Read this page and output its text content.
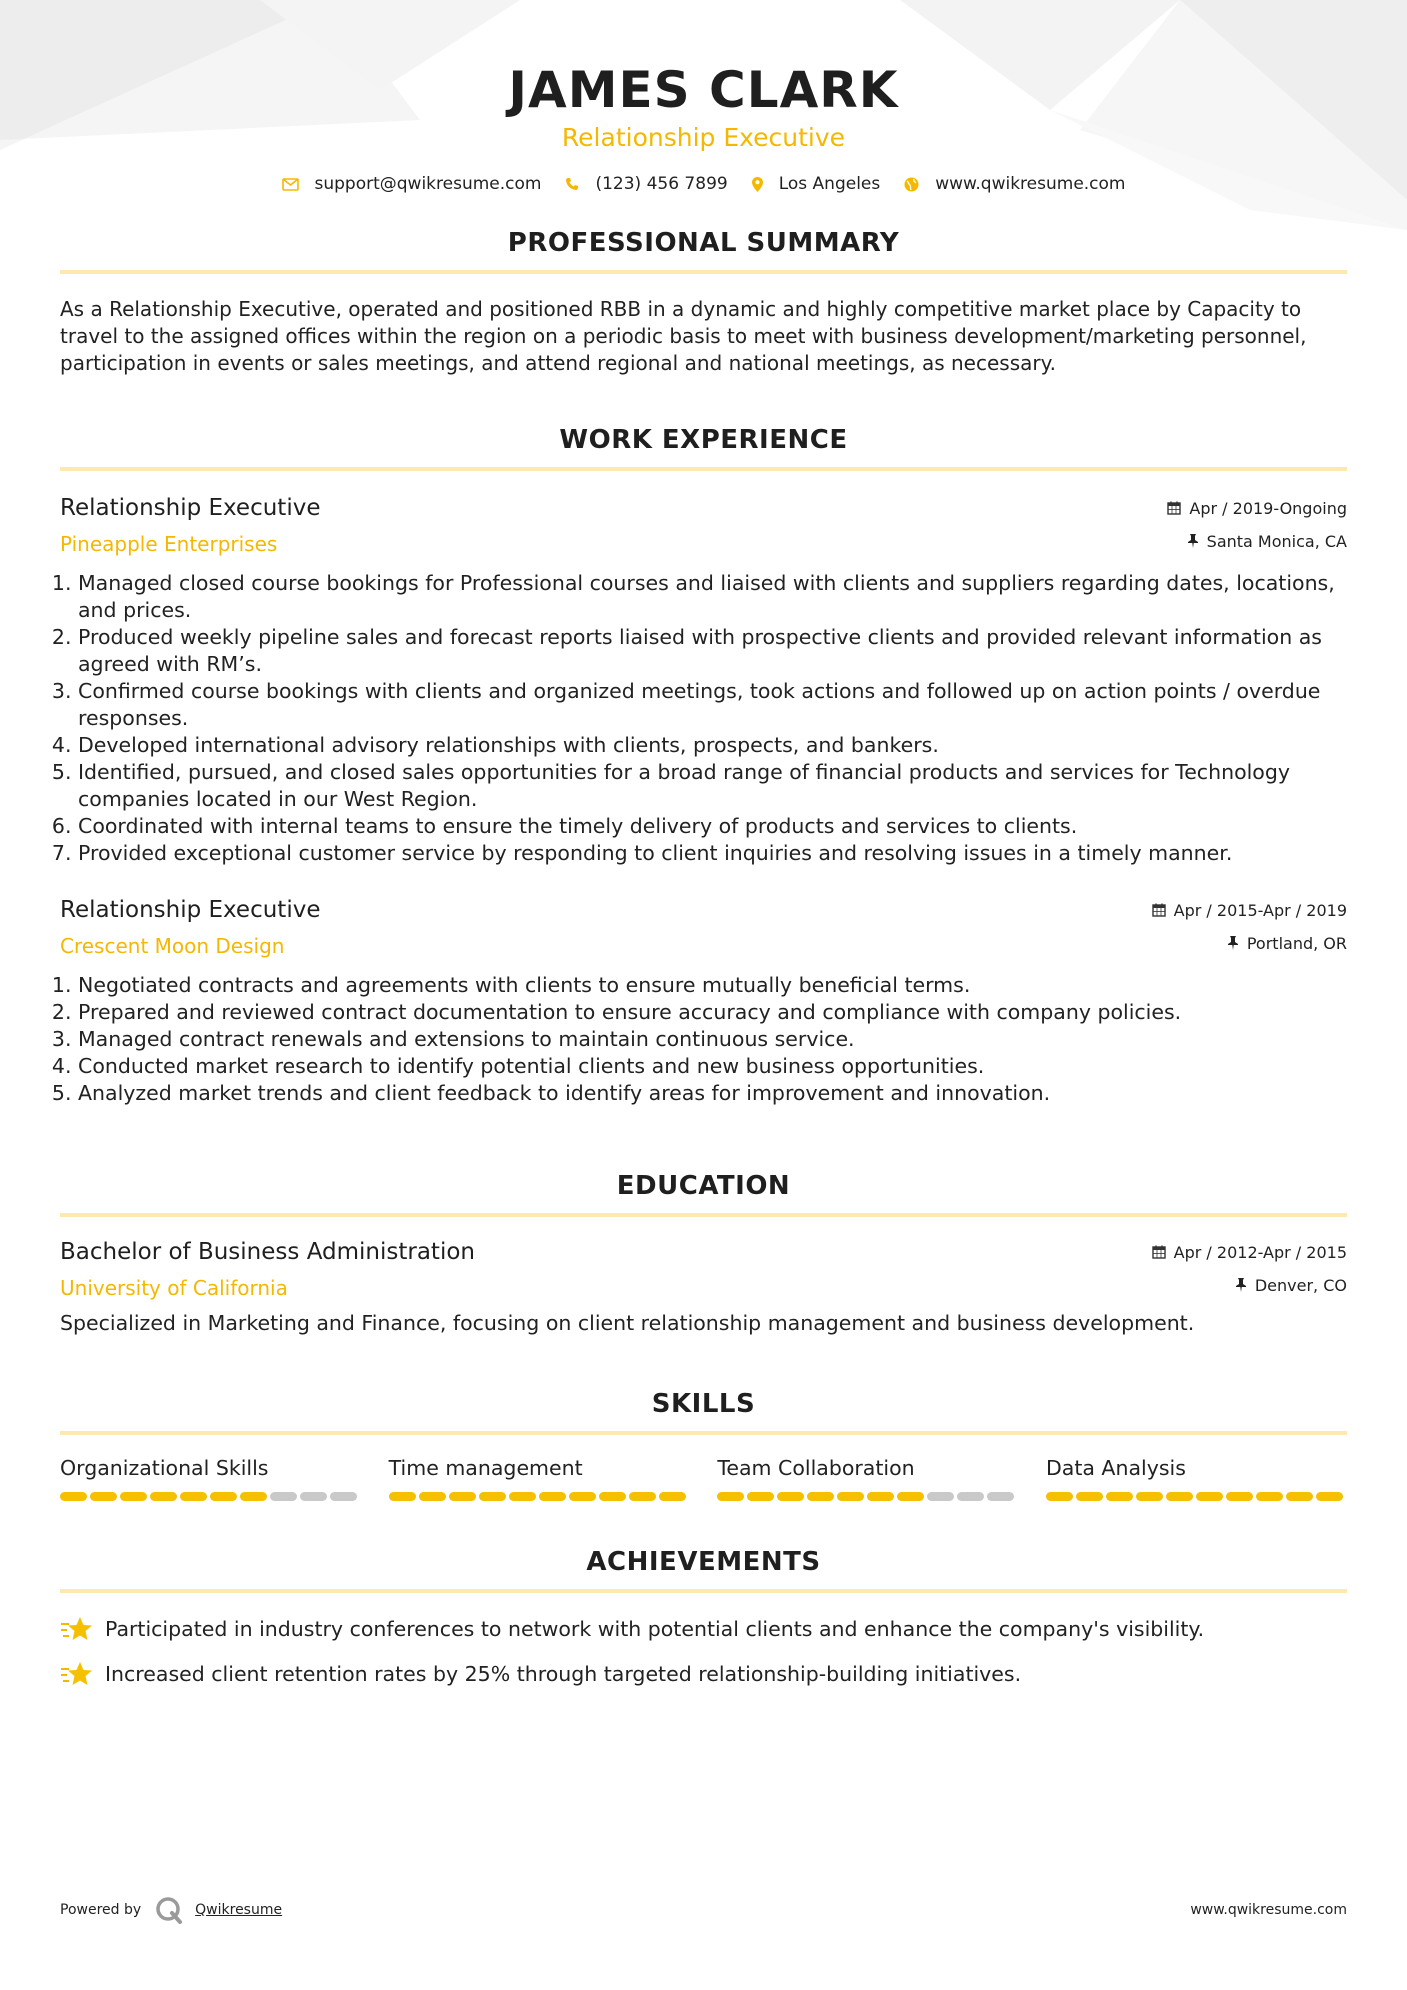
JAMES CLARK
Relationship Executive
support@qwikresume.com	(123) 456 7899	Los Angeles	www.qwikresume.com
PROFESSIONAL SUMMARY

As a Relationship Executive, operated and positioned RBB in a dynamic and highly competitive market place by Capacity to travel to the assigned offices within the region on a periodic basis to meet with business development/marketing personnel, participation in events or sales meetings, and attend regional and national meetings, as necessary.

WORK EXPERIENCE
Relationship Executive
Pineapple Enterprises
Apr / 2019-Ongoing
Santa Monica, CA
1. Managed closed course bookings for Professional courses and liaised with clients and suppliers regarding dates, locations, and prices.
2. Produced weekly pipeline sales and forecast reports liaised with prospective clients and provided relevant information as agreed with RM’s.
3. Confirmed course bookings with clients and organized meetings, took actions and followed up on action points / overdue responses.
4. Developed international advisory relationships with clients, prospects, and bankers.
5. Identified, pursued, and closed sales opportunities for a broad range of financial products and services for Technology companies located in our West Region.
6. Coordinated with internal teams to ensure the timely delivery of products and services to clients.
7. Provided exceptional customer service by responding to client inquiries and resolving issues in a timely manner.
Relationship Executive
Crescent Moon Design
Apr / 2015-Apr / 2019
Portland, OR
1. Negotiated contracts and agreements with clients to ensure mutually beneficial terms.
2. Prepared and reviewed contract documentation to ensure accuracy and compliance with company policies.
3. Managed contract renewals and extensions to maintain continuous service.
4. Conducted market research to identify potential clients and new business opportunities.
5. Analyzed market trends and client feedback to identify areas for improvement and innovation.
EDUCATION
Bachelor of Business Administration
University of California
Apr / 2012-Apr / 2015
Denver, CO

Specialized in Marketing and Finance, focusing on client relationship management and business development.

SKILLS
Organizational Skills	Time management	Team Collaboration	Data Analysis
ACHIEVEMENTS
Participated in industry conferences to network with potential clients and enhance the company's visibility.
Increased client retention rates by 25% through targeted relationship-building initiatives.
Powered by	Qwikresume	www.qwikresume.com
